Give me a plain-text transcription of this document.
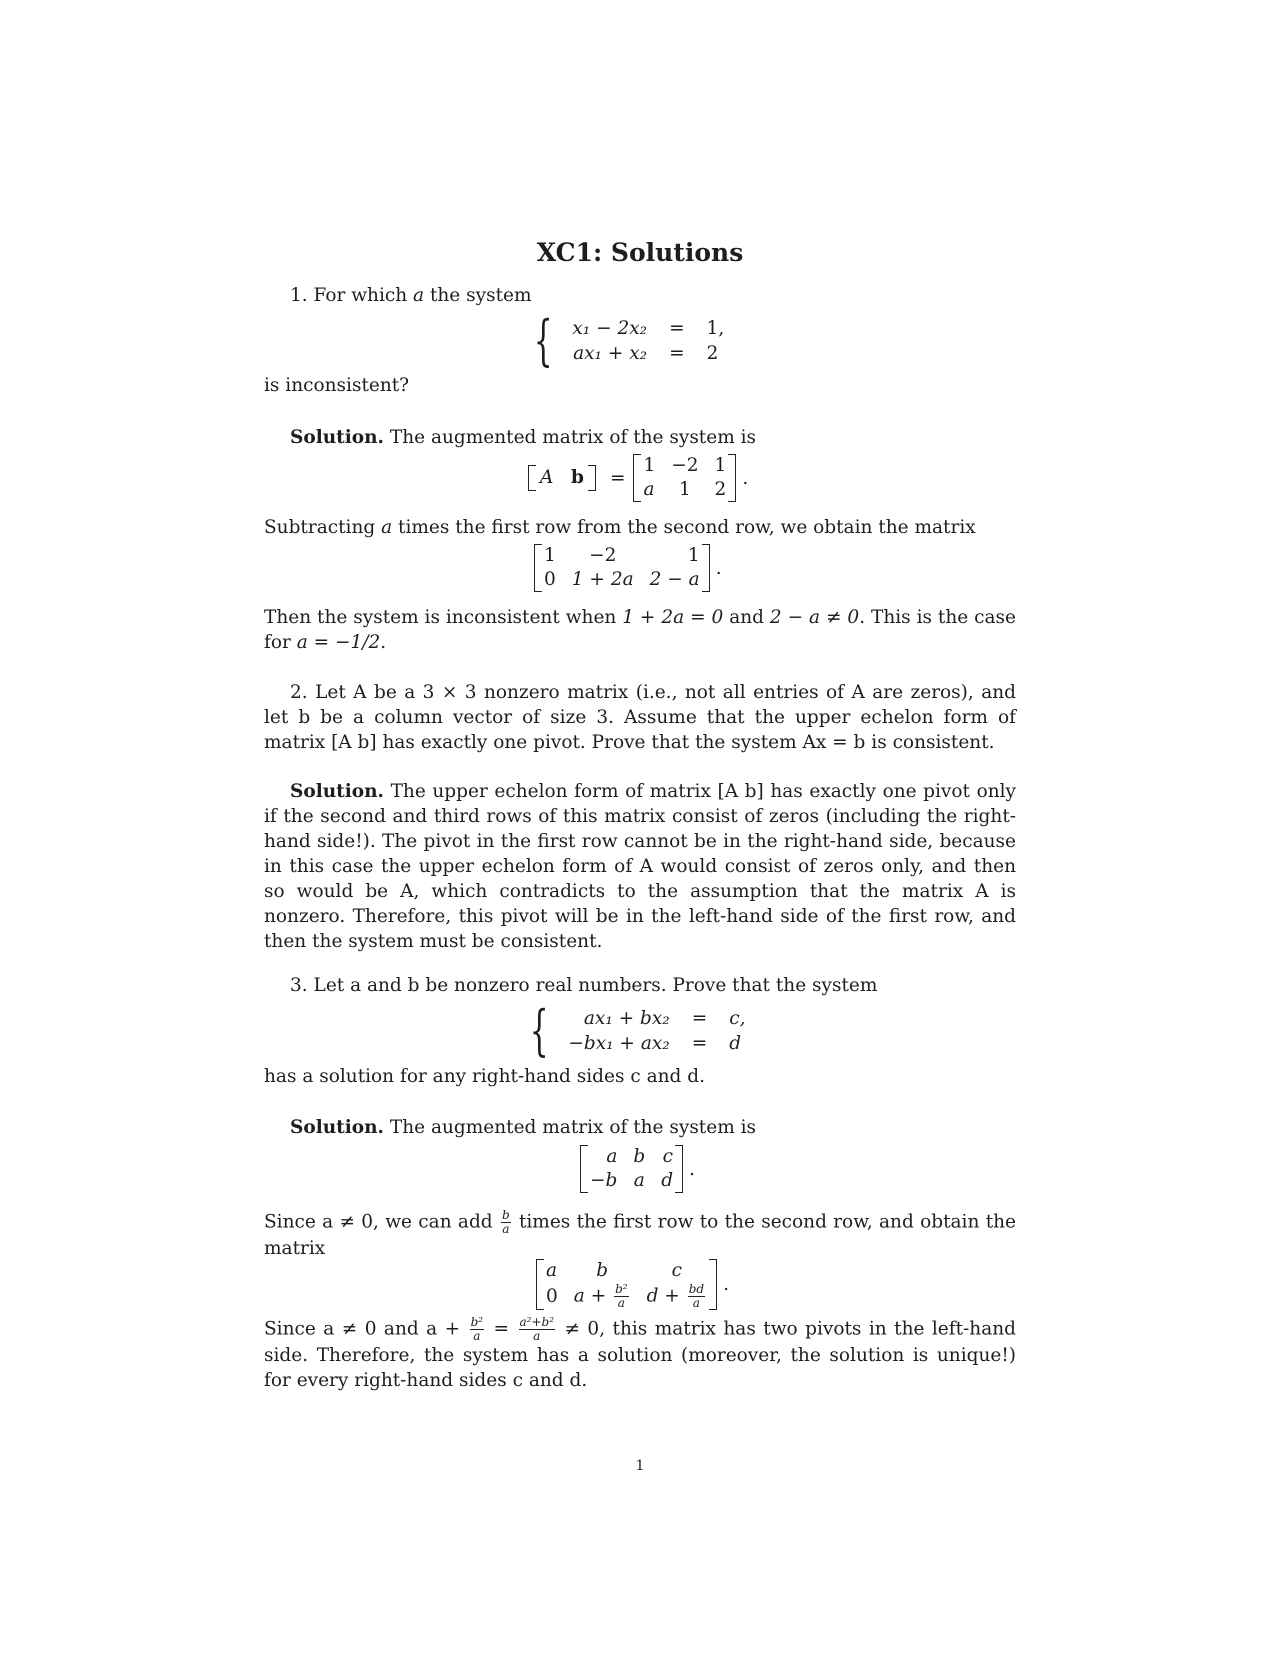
XC1: Solutions
1. For which a the system
{ x₁ − 2x₂	=	1,
ax₁ + x₂	=	2
is inconsistent?
Solution. The augmented matrix of the system is
A b =
1	−2	1
a	1	2
.
Subtracting a times the first row from the second row, we obtain the matrix
1	−2	1
0	1 + 2a	2 − a
.
Then the system is inconsistent when 1 + 2a = 0 and 2 − a ≠ 0. This is the case for a = −1/2.
2. Let A be a 3 × 3 nonzero matrix (i.e., not all entries of A are zeros), and let b be a column vector of size 3. Assume that the upper echelon form of matrix [A b] has exactly one pivot. Prove that the system Ax = b is consistent.
Solution. The upper echelon form of matrix [A b] has exactly one pivot only if the second and third rows of this matrix consist of zeros (including the right-hand side!). The pivot in the first row cannot be in the right-hand side, because in this case the upper echelon form of A would consist of zeros only, and then so would be A, which contradicts to the assumption that the matrix A is nonzero. Therefore, this pivot will be in the left-hand side of the first row, and then the system must be consistent.
3. Let a and b be nonzero real numbers. Prove that the system
{ ax₁ + bx₂	=	c,
−bx₁ + ax₂	=	d
has a solution for any right-hand sides c and d.
Solution. The augmented matrix of the system is
a	b	c
−b	a	d
.
Since a ≠ 0, we can add $\frac{b}{a}$ times the first row to the second row, and obtain the matrix
a	b	c
0	$a + \frac{\text{b²}}{a}$	$d + \frac{bd}{a}$ .
Since a ≠ 0 and $a + \frac{\text{b²}}{a} = \frac{\text{a²+b²}}{a} \ne 0$, this matrix has two pivots in the left-hand side. Therefore, the system has a solution (moreover, the solution is unique!) for every right-hand sides c and d.
1
